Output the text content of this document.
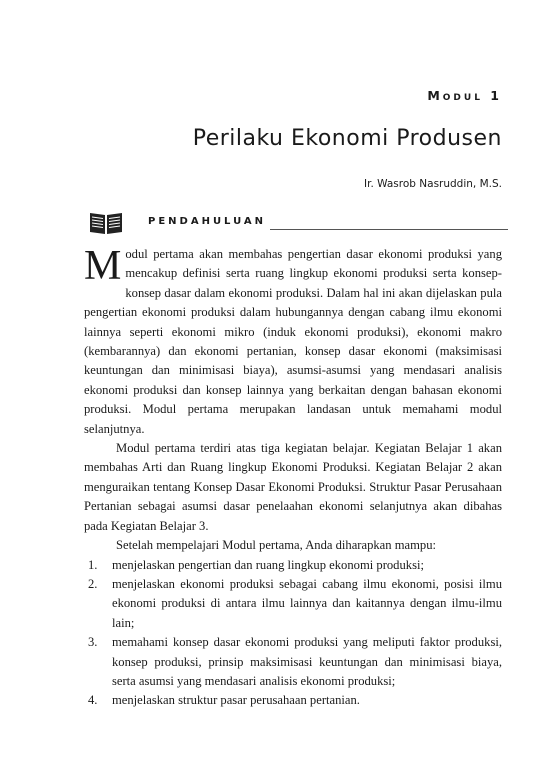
Modul 1
Perilaku Ekonomi Produsen
Ir. Wasrob Nasruddin, M.S.
PENDAHULUAN

Modul pertama akan membahas pengertian dasar ekonomi produksi yang mencakup definisi serta ruang lingkup ekonomi produksi serta konsep-konsep dasar dalam ekonomi produksi. Dalam hal ini akan dijelaskan pula pengertian ekonomi produksi dalam hubungannya dengan cabang ilmu ekonomi lainnya seperti ekonomi mikro (induk ekonomi produksi), ekonomi makro (kembarannya) dan ekonomi pertanian, konsep dasar ekonomi (maksimisasi keuntungan dan minimisasi biaya), asumsi-asumsi yang mendasari analisis ekonomi produksi dan konsep lainnya yang berkaitan dengan bahasan ekonomi produksi. Modul pertama merupakan landasan untuk memahami modul selanjutnya.

Modul pertama terdiri atas tiga kegiatan belajar. Kegiatan Belajar 1 akan membahas Arti dan Ruang lingkup Ekonomi Produksi. Kegiatan Belajar 2 akan menguraikan tentang Konsep Dasar Ekonomi Produksi. Struktur Pasar Perusahaan Pertanian sebagai asumsi dasar penelaahan ekonomi selanjutnya akan dibahas pada Kegiatan Belajar 3.

Setelah mempelajari Modul pertama, Anda diharapkan mampu:

1. menjelaskan pengertian dan ruang lingkup ekonomi produksi;
2. menjelaskan ekonomi produksi sebagai cabang ilmu ekonomi, posisi ilmu ekonomi produksi di antara ilmu lainnya dan kaitannya dengan ilmu-ilmu lain;
3. memahami konsep dasar ekonomi produksi yang meliputi faktor produksi, konsep produksi, prinsip maksimisasi keuntungan dan minimisasi biaya, serta asumsi yang mendasari analisis ekonomi produksi;
4. menjelaskan struktur pasar perusahaan pertanian.
